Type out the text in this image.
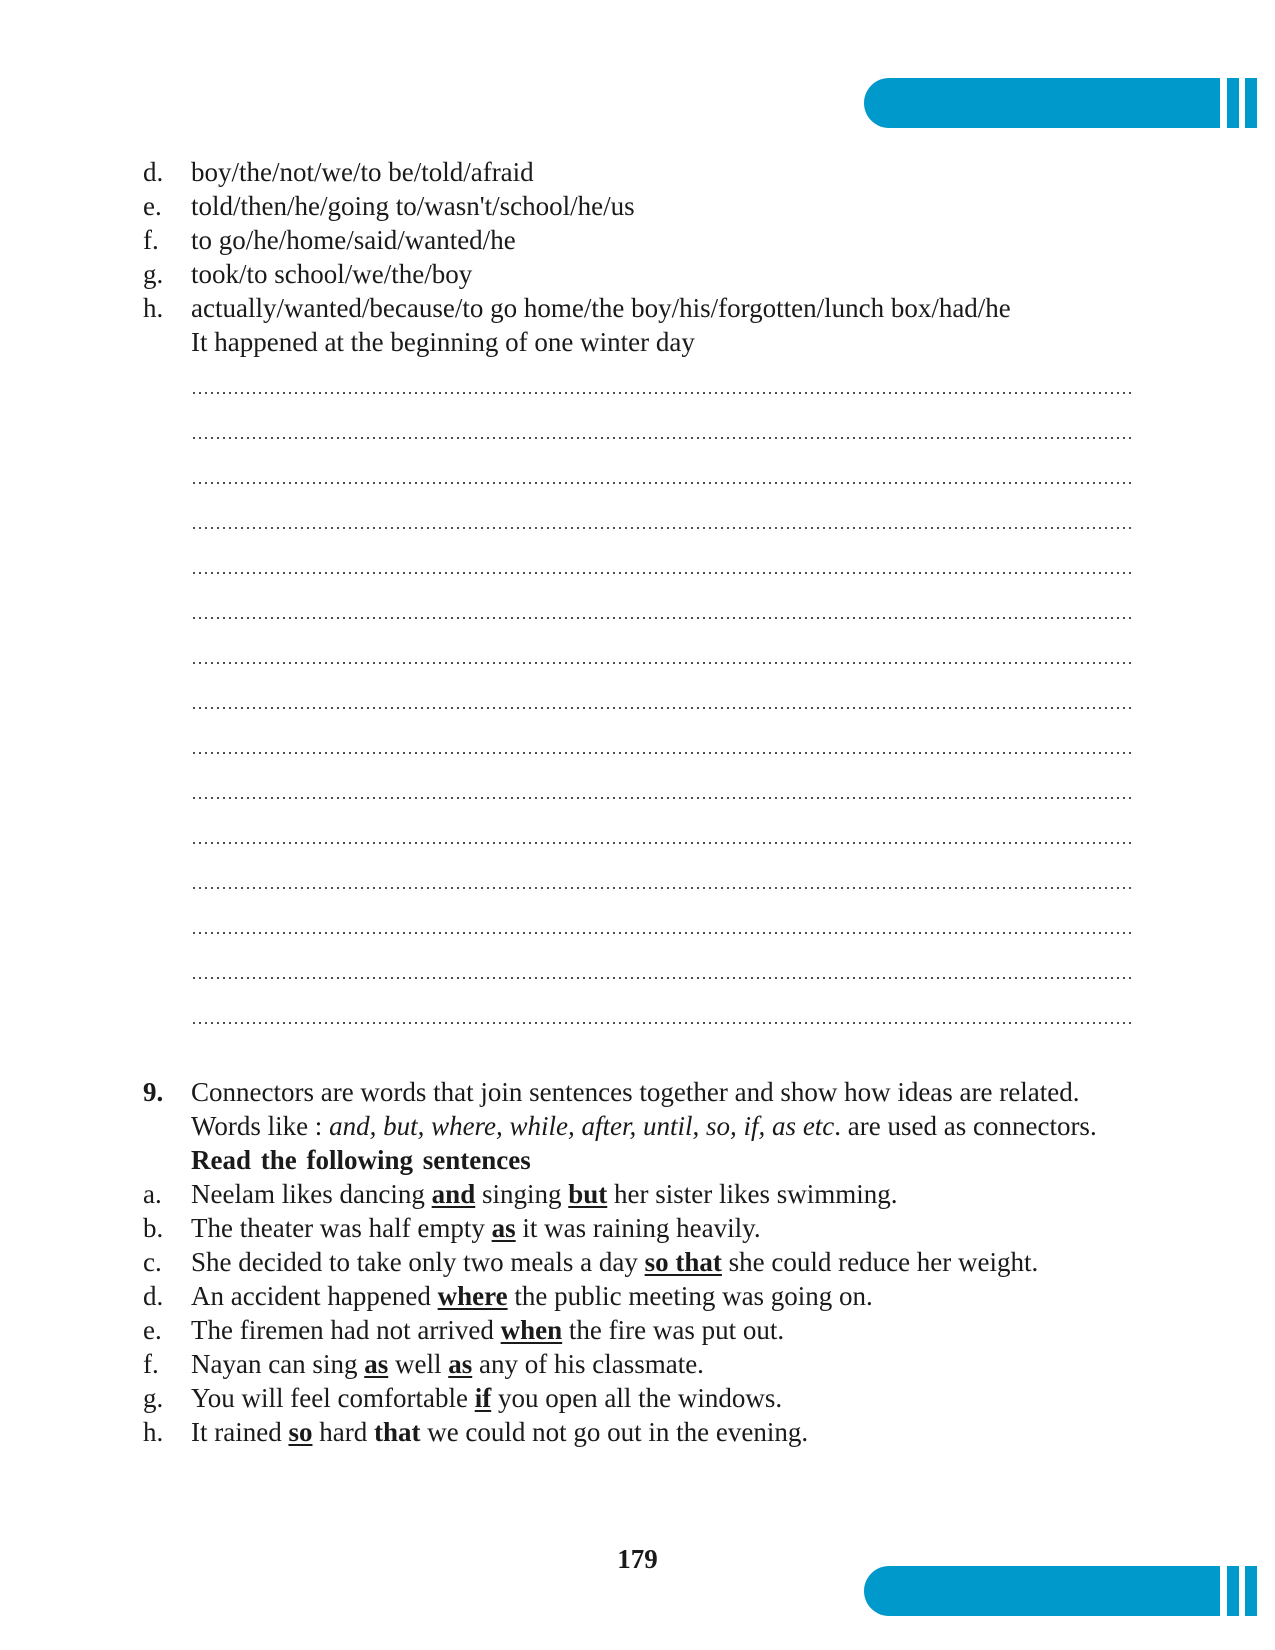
d. boy/the/not/we/to be/told/afraid
e. told/then/he/going to/wasn't/school/he/us
f. to go/he/home/said/wanted/he
g. took/to school/we/the/boy
h. actually/wanted/because/to go home/the boy/his/forgotten/lunch box/had/he
It happened at the beginning of one winter day
9. Connectors are words that join sentences together and show how ideas are related.
Words like : and, but, where, while, after, until, so, if, as etc. are used as connectors.
Read the following sentences
a. Neelam likes dancing and singing but her sister likes swimming.
b. The theater was half empty as it was raining heavily.
c. She decided to take only two meals a day so that she could reduce her weight.
d. An accident happened where the public meeting was going on.
e. The firemen had not arrived when the fire was put out.
f. Nayan can sing as well as any of his classmate.
g. You will feel comfortable if you open all the windows.
h. It rained so hard that we could not go out in the evening.
179
